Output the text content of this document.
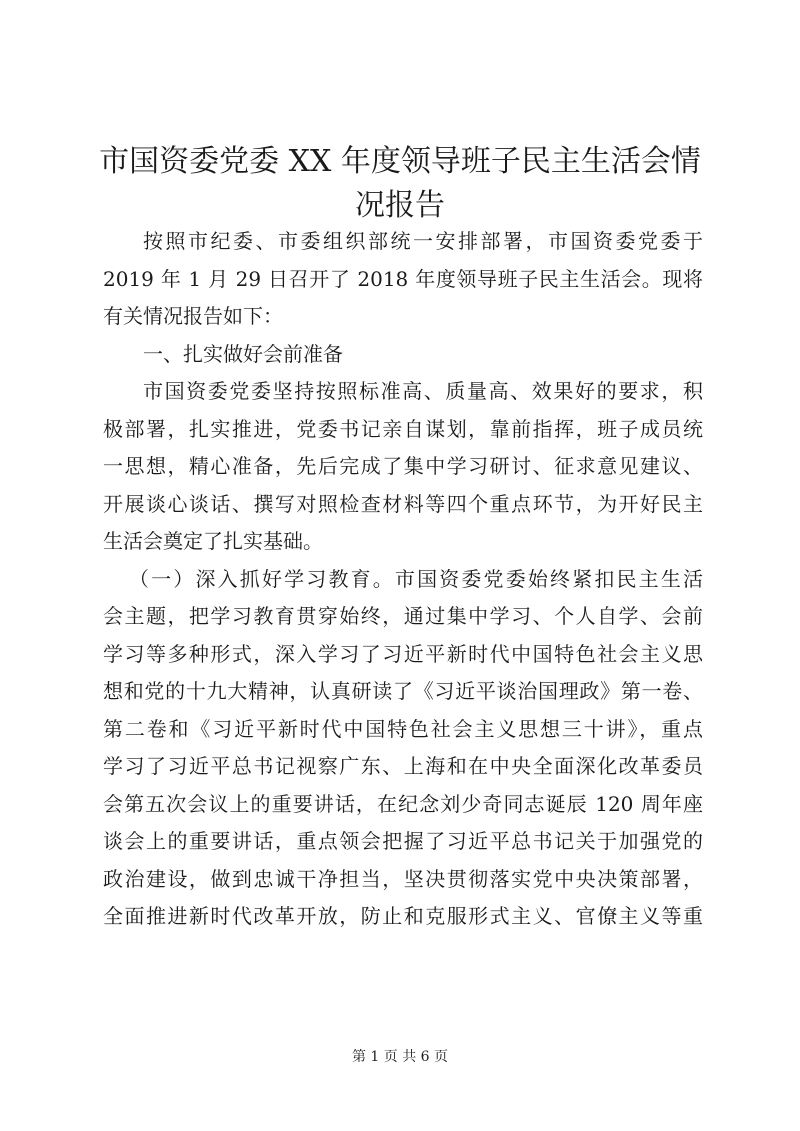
市国资委党委 XX 年度领导班子民主生活会情
况报告
按照市纪委、市委组织部统一安排部署，市国资委党委于
2019 年 1 月 29 日召开了 2018 年度领导班子民主生活会。现将
有关情况报告如下：
一、扎实做好会前准备
市国资委党委坚持按照标准高、质量高、效果好的要求，积
极部署，扎实推进，党委书记亲自谋划，靠前指挥，班子成员统
一思想，精心准备，先后完成了集中学习研讨、征求意见建议、
开展谈心谈话、撰写对照检查材料等四个重点环节，为开好民主
生活会奠定了扎实基础。
（一）深入抓好学习教育。市国资委党委始终紧扣民主生活
会主题，把学习教育贯穿始终，通过集中学习、个人自学、会前
学习等多种形式，深入学习了习近平新时代中国特色社会主义思
想和党的十九大精神，认真研读了《习近平谈治国理政》第一卷、
第二卷和《习近平新时代中国特色社会主义思想三十讲》，重点
学习了习近平总书记视察广东、上海和在中央全面深化改革委员
会第五次会议上的重要讲话，在纪念刘少奇同志诞辰 120 周年座
谈会上的重要讲话，重点领会把握了习近平总书记关于加强党的
政治建设，做到忠诚干净担当，坚决贯彻落实党中央决策部署，
全面推进新时代改革开放，防止和克服形式主义、官僚主义等重
第 1 页 共 6 页
